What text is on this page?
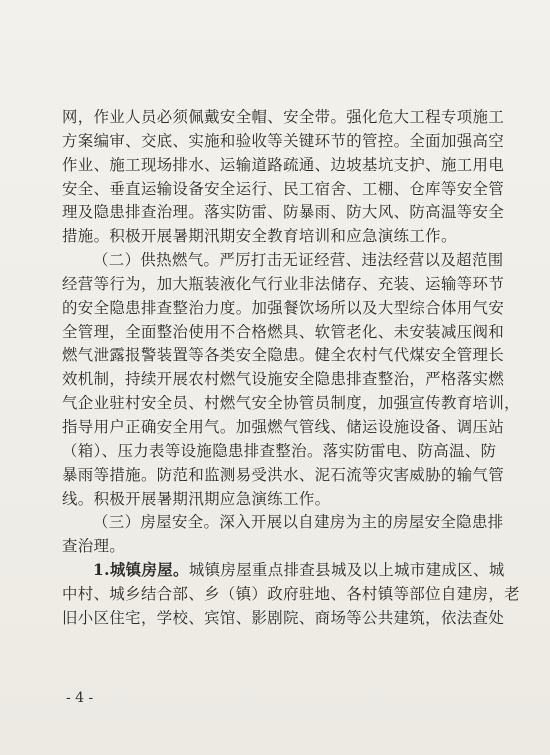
网，作业人员必须佩戴安全帽、安全带。强化危大工程专项施工
方案编审、交底、实施和验收等关键环节的管控。全面加强高空
作业、施工现场排水、运输道路疏通、边坡基坑支护、施工用电
安全、垂直运输设备安全运行、民工宿舍、工棚、仓库等安全管
理及隐患排查治理。落实防雷、防暴雨、防大风、防高温等安全
措施。积极开展暑期汛期安全教育培训和应急演练工作。
（二）供热燃气。严厉打击无证经营、违法经营以及超范围
经营等行为，加大瓶装液化气行业非法储存、充装、运输等环节
的安全隐患排查整治力度。加强餐饮场所以及大型综合体用气安
全管理，全面整治使用不合格燃具、软管老化、未安装减压阀和
燃气泄露报警装置等各类安全隐患。健全农村气代煤安全管理长
效机制，持续开展农村燃气设施安全隐患排查整治，严格落实燃
气企业驻村安全员、村燃气安全协管员制度，加强宣传教育培训，
指导用户正确安全用气。加强燃气管线、储运设施设备、调压站
（箱）、压力表等设施隐患排查整治。落实防雷电、防高温、防
暴雨等措施。防范和监测易受洪水、泥石流等灾害威胁的输气管
线。积极开展暑期汛期应急演练工作。
（三）房屋安全。深入开展以自建房为主的房屋安全隐患排
查治理。
1.城镇房屋。城镇房屋重点排查县城及以上城市建成区、城
中村、城乡结合部、乡（镇）政府驻地、各村镇等部位自建房，老
旧小区住宅，学校、宾馆、影剧院、商场等公共建筑，依法查处
- 4 -
